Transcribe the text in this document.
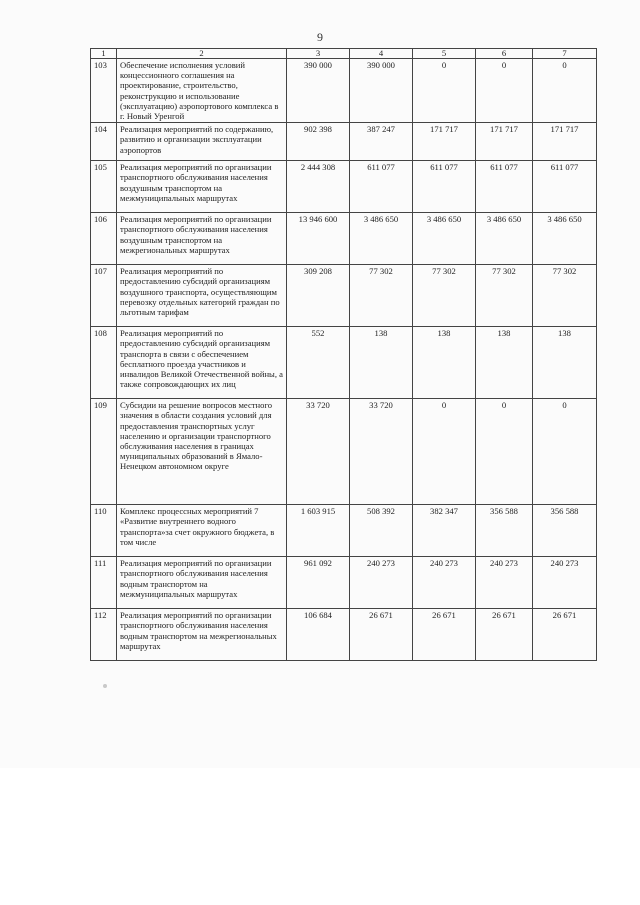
9
1	2	3	4	5	6	7
103	Обеспечение исполнения условий концессионного соглашения на проектирование, строительство, реконструкцию и использование (эксплуатацию) аэропортового комплекса в г. Новый Уренгой	390 000	390 000	0	0	0
104	Реализация мероприятий по содержанию, развитию и организации эксплуатации аэропортов	902 398	387 247	171 717	171 717	171 717
105	Реализация мероприятий по организации транспортного обслуживания населения воздушным транспортом на межмуниципальных маршрутах	2 444 308	611 077	611 077	611 077	611 077
106	Реализация мероприятий по организации транспортного обслуживания населения воздушным транспортом на межрегиональных маршрутах	13 946 600	3 486 650	3 486 650	3 486 650	3 486 650
107	Реализация мероприятий по предоставлению субсидий организациям воздушного транспорта, осуществляющим перевозку отдельных категорий граждан по льготным тарифам	309 208	77 302	77 302	77 302	77 302
108	Реализация мероприятий по предоставлению субсидий организациям транспорта в связи с обеспечением бесплатного проезда участников и инвалидов Великой Отечественной войны, а также сопровождающих их лиц	552	138	138	138	138
109	Субсидии на решение вопросов местного значения в области создания условий для предоставления транспортных услуг населению и организации транспортного обслуживания населения в границах муниципальных образований в Ямало-Ненецком автономном округе	33 720	33 720	0	0	0
110	Комплекс процессных мероприятий 7 «Развитие внутреннего водного транспорта»за счет окружного бюджета, в том числе	1 603 915	508 392	382 347	356 588	356 588
111	Реализация мероприятий по организации транспортного обслуживания населения водным транспортом на межмуниципальных маршрутах	961 092	240 273	240 273	240 273	240 273
112	Реализация мероприятий по организации транспортного обслуживания населения водным транспортом на межрегиональных маршрутах	106 684	26 671	26 671	26 671	26 671
